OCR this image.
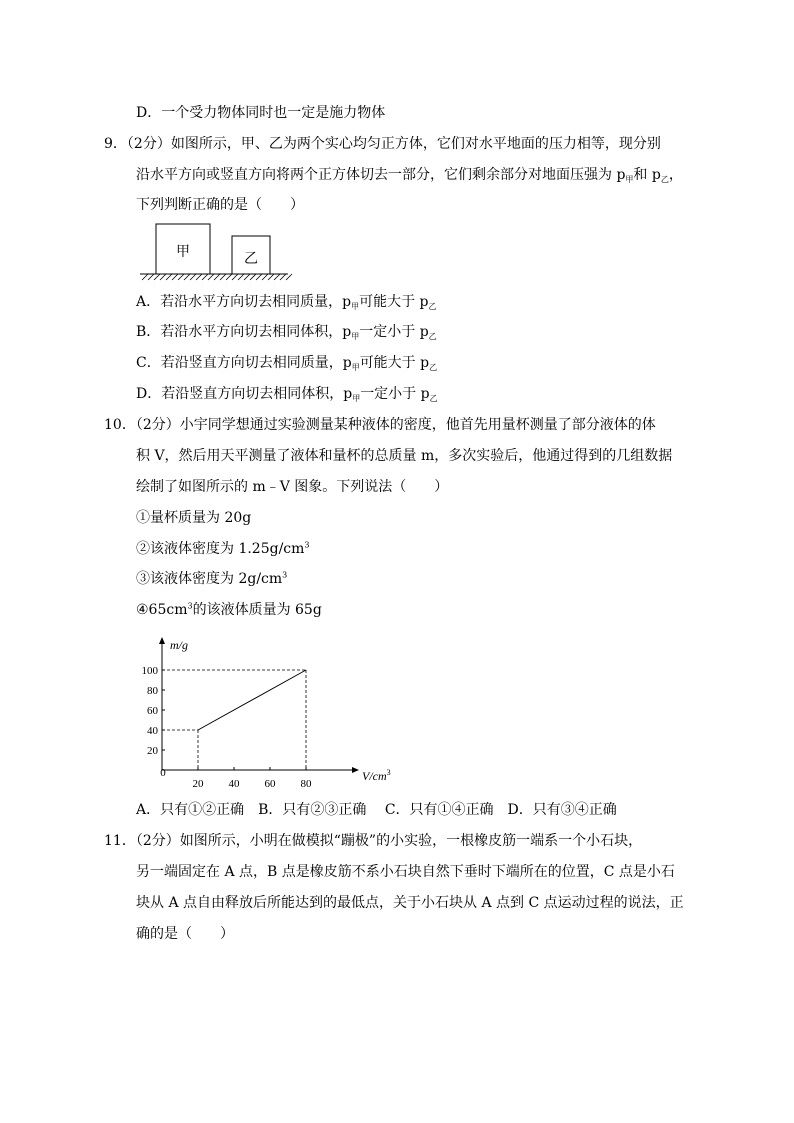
D．一个受力物体同时也一定是施力物体
9．（2分）如图所示，甲、乙为两个实心均匀正方体，它们对水平地面的压力相等，现分别
沿水平方向或竖直方向将两个正方体切去一部分，它们剩余部分对地面压强为 $p_甲$和 $p_乙$，
下列判断正确的是（　　）
甲	乙
A．若沿水平方向切去相同质量，$p_甲$可能大于 $p_乙$
B．若沿水平方向切去相同体积，$p_甲$一定小于 $p_乙$
C．若沿竖直方向切去相同质量，$p_甲$可能大于 $p_乙$
D．若沿竖直方向切去相同体积，$p_甲$一定小于 $p_乙$
10．（2分）小宇同学想通过实验测量某种液体的密度，他首先用量杯测量了部分液体的体
积 V，然后用天平测量了液体和量杯的总质量 m，多次实验后，他通过得到的几组数据
绘制了如图所示的 m﹣V 图象。下列说法（　　）
①量杯质量为 20g
②该液体密度为 $1.25g/cm^3$
③该液体密度为 $2g/cm^3$
$④65cm^3$的该液体质量为 65g
m/g
$V/cm^3$
0
20
40
60
80
100
20 40 60 80
A．只有①②正确　B．只有②③正确　 C．只有①④正确　D．只有③④正确
11．（2分）如图所示，小明在做模拟“蹦极”的小实验，一根橡皮筋一端系一个小石块，
另一端固定在 A 点，B 点是橡皮筋不系小石块自然下垂时下端所在的位置，C 点是小石
块从 A 点自由释放后所能达到的最低点，关于小石块从 A 点到 C 点运动过程的说法，正
确的是（　　）
